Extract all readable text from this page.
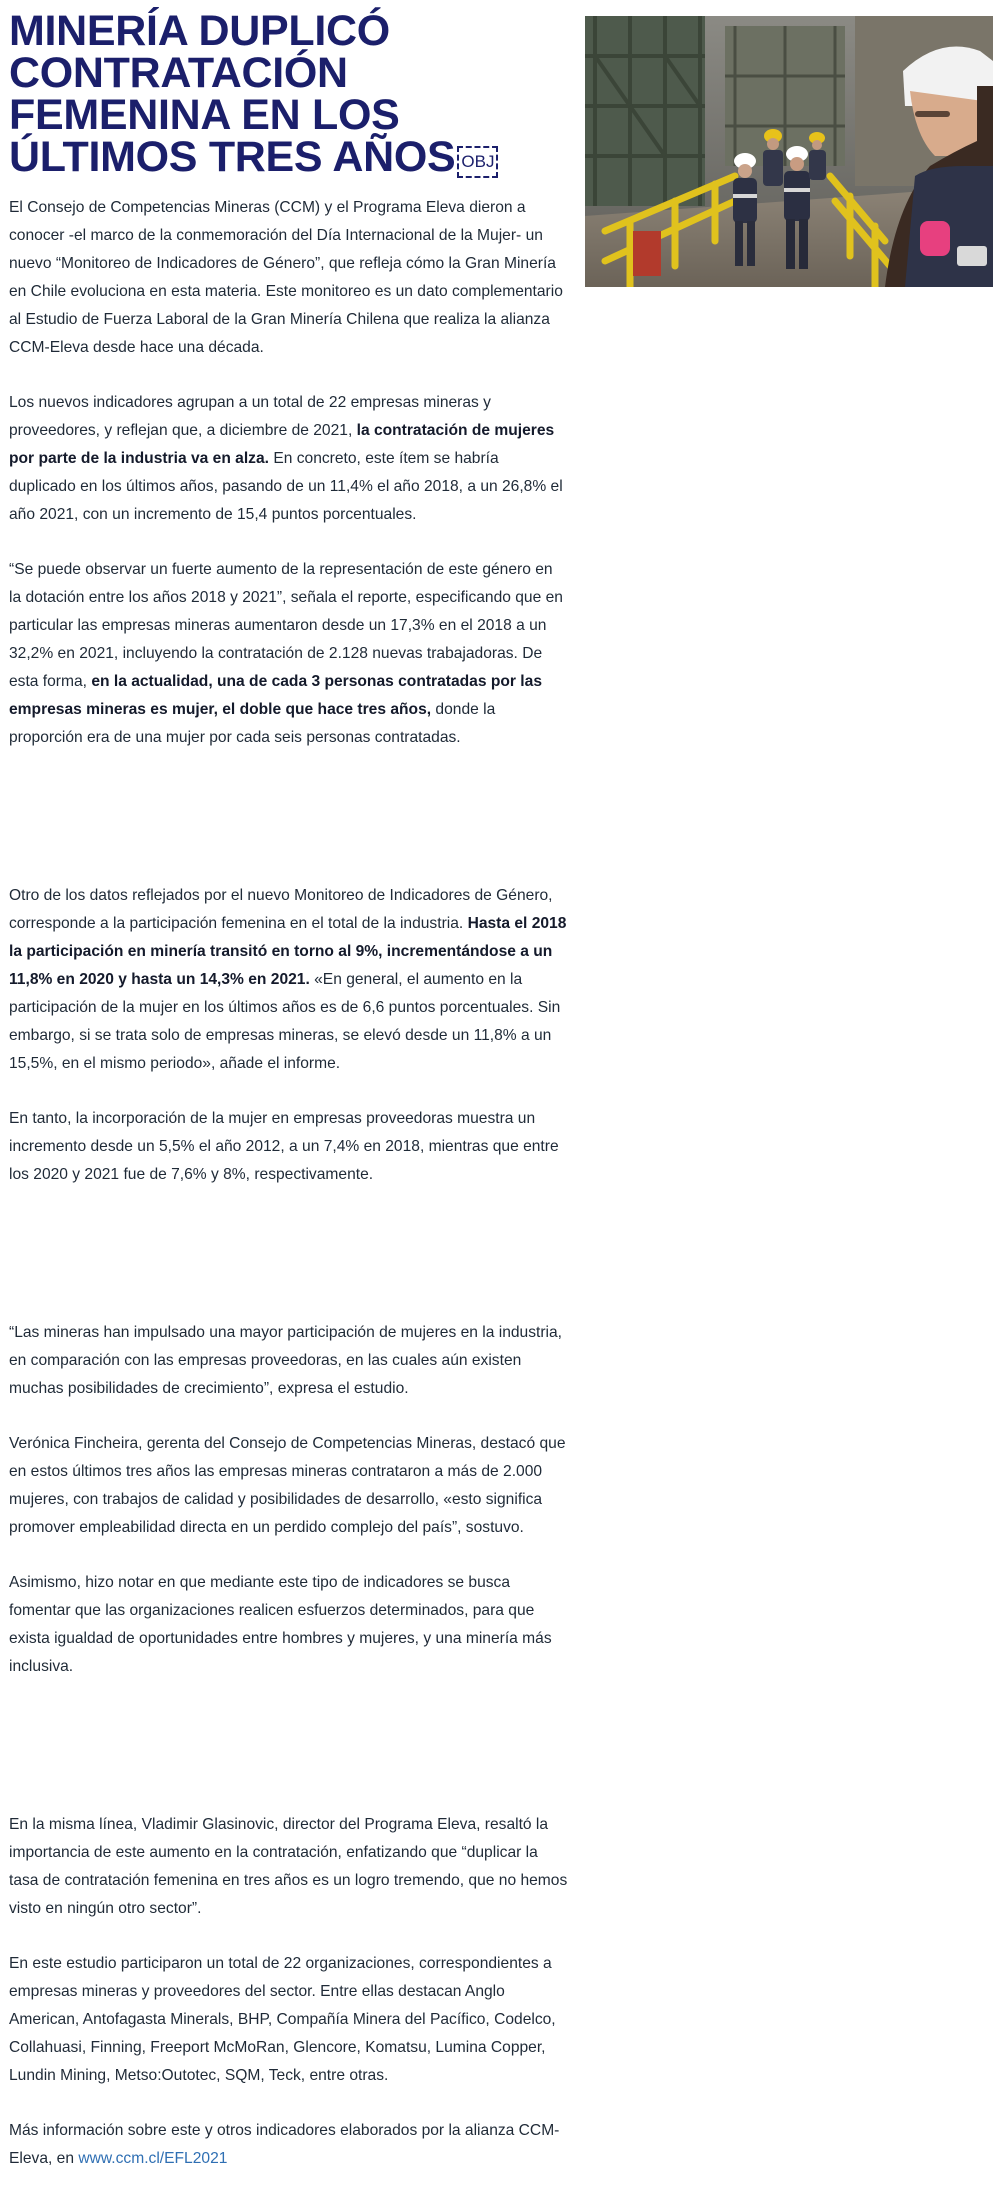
MINERÍA DUPLICÓ CONTRATACIÓN FEMENINA EN LOS ÚLTIMOS TRES AÑOS OBJ

El Consejo de Competencias Mineras (CCM) y el Programa Eleva dieron a conocer -el marco de la conmemoración del Día Internacional de la Mujer- un nuevo “Monitoreo de Indicadores de Género”, que refleja cómo la Gran Minería en Chile evoluciona en esta materia. Este monitoreo es un dato complementario al Estudio de Fuerza Laboral de la Gran Minería Chilena que realiza la alianza CCM-Eleva desde hace una década.

Los nuevos indicadores agrupan a un total de 22 empresas mineras y proveedores, y reflejan que, a diciembre de 2021, la contratación de mujeres por parte de la industria va en alza. En concreto, este ítem se habría duplicado en los últimos años, pasando de un 11,4% el año 2018, a un 26,8% el año 2021, con un incremento de 15,4 puntos porcentuales.

“Se puede observar un fuerte aumento de la representación de este género en la dotación entre los años 2018 y 2021”, señala el reporte, especificando que en particular las empresas mineras aumentaron desde un 17,3% en el 2018 a un 32,2% en 2021, incluyendo la contratación de 2.128 nuevas trabajadoras. De esta forma, en la actualidad, una de cada 3 personas contratadas por las empresas mineras es mujer, el doble que hace tres años, donde la proporción era de una mujer por cada seis personas contratadas.

Otro de los datos reflejados por el nuevo Monitoreo de Indicadores de Género, corresponde a la participación femenina en el total de la industria. Hasta el 2018 la participación en minería transitó en torno al 9%, incrementándose a un 11,8% en 2020 y hasta un 14,3% en 2021. «En general, el aumento en la participación de la mujer en los últimos años es de 6,6 puntos porcentuales. Sin embargo, si se trata solo de empresas mineras, se elevó desde un 11,8% a un 15,5%, en el mismo periodo», añade el informe.

En tanto, la incorporación de la mujer en empresas proveedoras muestra un incremento desde un 5,5% el año 2012, a un 7,4% en 2018, mientras que entre los 2020 y 2021 fue de 7,6% y 8%, respectivamente.

“Las mineras han impulsado una mayor participación de mujeres en la industria, en comparación con las empresas proveedoras, en las cuales aún existen muchas posibilidades de crecimiento”, expresa el estudio.

Verónica Fincheira, gerenta del Consejo de Competencias Mineras, destacó que en estos últimos tres años las empresas mineras contrataron a más de 2.000 mujeres, con trabajos de calidad y posibilidades de desarrollo, «esto significa promover empleabilidad directa en un perdido complejo del país”, sostuvo.

Asimismo, hizo notar en que mediante este tipo de indicadores se busca fomentar que las organizaciones realicen esfuerzos determinados, para que exista igualdad de oportunidades entre hombres y mujeres, y una minería más inclusiva.

En la misma línea, Vladimir Glasinovic, director del Programa Eleva, resaltó la importancia de este aumento en la contratación, enfatizando que “duplicar la tasa de contratación femenina en tres años es un logro tremendo, que no hemos visto en ningún otro sector”.

En este estudio participaron un total de 22 organizaciones, correspondientes a empresas mineras y proveedores del sector. Entre ellas destacan Anglo American, Antofagasta Minerals, BHP, Compañía Minera del Pacífico, Codelco, Collahuasi, Finning, Freeport McMoRan, Glencore, Komatsu, Lumina Copper, Lundin Mining, Metso:Outotec, SQM, Teck, entre otras.

Más información sobre este y otros indicadores elaborados por la alianza CCM-Eleva, en www.ccm.cl/EFL2021
